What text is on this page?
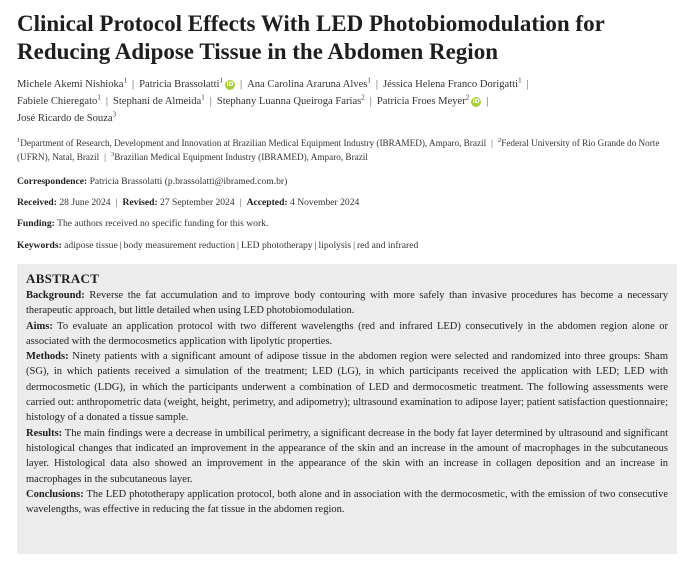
Clinical Protocol Effects With LED Photobiomodulation for Reducing Adipose Tissue in the Abdomen Region
Michele Akemi Nishioka$^1$ | Patricia Brassolatti$^1$iD | Ana Carolina Araruna Alves$^1$ | Jéssica Helena Franco Dorigatti$^1$ |
Fabiele Chieregato$^1$ | Stephani de Almeida$^1$ | Stephany Luanna Queiroga Farias$^2$ | Patricia Froes Meyer$^2$iD |
José Ricardo de Souza$^3$
$^1$Department of Research, Development and Innovation at Brazilian Medical Equipment Industry (IBRAMED), Amparo, Brazil | $^2$Federal University of Rio Grande do Norte (UFRN), Natal, Brazil | $^3$Brazilian Medical Equipment Industry (IBRAMED), Amparo, Brazil
Correspondence: Patricia Brassolatti (p.brassolatti@ibramed.com.br)
Received: 28 June 2024 | Revised: 27 September 2024 | Accepted: 4 November 2024
Funding: The authors received no specific funding for this work.
Keywords: adipose tissue | body measurement reduction | LED phototherapy | lipolysis | red and infrared
ABSTRACT

Background: Reverse the fat accumulation and to improve body contouring with more safely than invasive procedures has become a necessary therapeutic approach, but little detailed when using LED photobiomodulation.

Aims: To evaluate an application protocol with two different wavelengths (red and infrared LED) consecutively in the abdomen region alone or associated with the dermocosmetics application with lipolytic properties.

Methods: Ninety patients with a significant amount of adipose tissue in the abdomen region were selected and randomized into three groups: Sham (SG), in which patients received a simulation of the treatment; LED (LG), in which participants received the application with LED; LED with dermocosmetic (LDG), in which the participants underwent a combination of LED and dermocosmetic treatment. The following assessments were carried out: anthropometric data (weight, height, perimetry, and adipometry); ultrasound examination to adipose layer; patient satisfaction questionnaire; histology of a donated a tissue sample.

Results: The main findings were a decrease in umbilical perimetry, a significant decrease in the body fat layer determined by ultrasound and significant histological changes that indicated an improvement in the appearance of the skin and an increase in the amount of macrophages in the subcutaneous layer. Histological data also showed an improvement in the appearance of the skin with an increase in collagen deposition and an increase in macrophages in the subcutaneous layer.

Conclusions: The LED phototherapy application protocol, both alone and in association with the dermocosmetic, with the emission of two consecutive wavelengths, was effective in reducing the fat tissue in the abdomen region.
